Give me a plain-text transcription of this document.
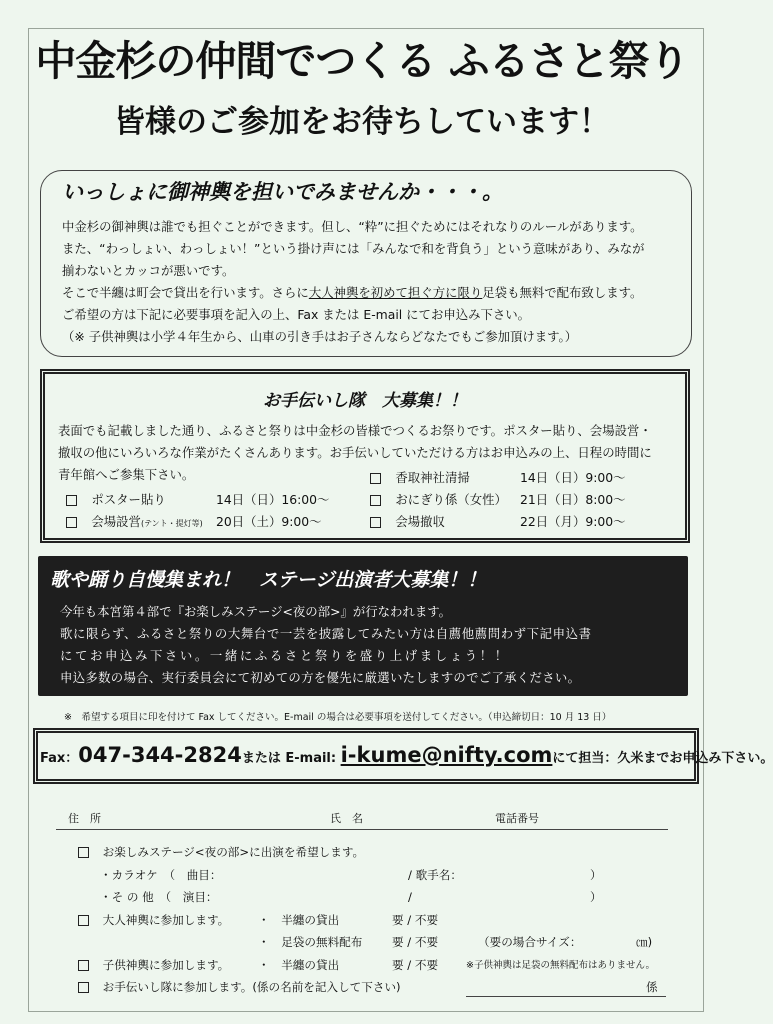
中金杉の仲間でつくる ふるさと祭り
皆様のご参加をお待ちしています！
いっしょに御神輿を担いでみませんか・・・。
中金杉の御神輿は誰でも担ぐことができます。但し、“粋”に担ぐためにはそれなりのルールがあります。
また、“わっしょい、わっしょい！”という掛け声には「みんなで和を背負う」という意味があり、みなが
揃わないとカッコが悪いです。
そこで半纏は町会で貸出を行います。さらに大人神輿を初めて担ぐ方に限り足袋も無料で配布致します。
ご希望の方は下記に必要事項を記入の上、Fax または E-mail にてお申込み下さい。
（※ 子供神輿は小学４年生から、山車の引き手はお子さんならどなたでもご参加頂けます。）
お手伝いし隊　大募集！！
表面でも記載しました通り、ふるさと祭りは中金杉の皆様でつくるお祭りです。ポスター貼り、会場設営・
撤収の他にいろいろな作業がたくさんあります。お手伝いしていただける方はお申込みの上、日程の時間に
青年館へご参集下さい。
　	香取神社清掃	14日（日）9:00～
　ポスター貼り	14日（日）16:00～
　	おにぎり係（女性） 21日（日）8:00～
　会場設営(テント・提灯等) 20日（土）9:00～
　	会場撤収	22日（月）9:00～
歌や踊り自慢集まれ！　ステージ出演者大募集！！
今年も本宮第４部で『お楽しみステージ<夜の部>』が行なわれます。
歌に限らず、ふるさと祭りの大舞台で一芸を披露してみたい方は自薦他薦問わず下記申込書
にてお申込み下さい。一緒にふるさと祭りを盛り上げましょう！！
申込多数の場合、実行委員会にて初めての方を優先に厳選いたしますのでご了承ください。
※　希望する項目に印を付けて Fax してください。E-mail の場合は必要事項を送付してください。（申込締切日：10 月 13 日）
Fax：047-344-2824または E-mail: i-kume@nifty.comにて担当：久米までお申込み下さい。
住　所	氏　名	電話番号
　お楽しみステージ<夜の部>に出演を希望します。
・カラオケ　（　曲目：	/ 歌手名：	）
・そ の 他　（　演目：	/	）
　大人神輿に参加します。 ・　半纏の貸出	要 / 不要
・　足袋の無料配布	要 / 不要	（要の場合サイズ：	㎝)
　子供神輿に参加します。 ・　半纏の貸出	要 / 不要	※子供神輿は足袋の無料配布はありません。
　お手伝いし隊に参加します。(係の名前を記入して下さい)	係
